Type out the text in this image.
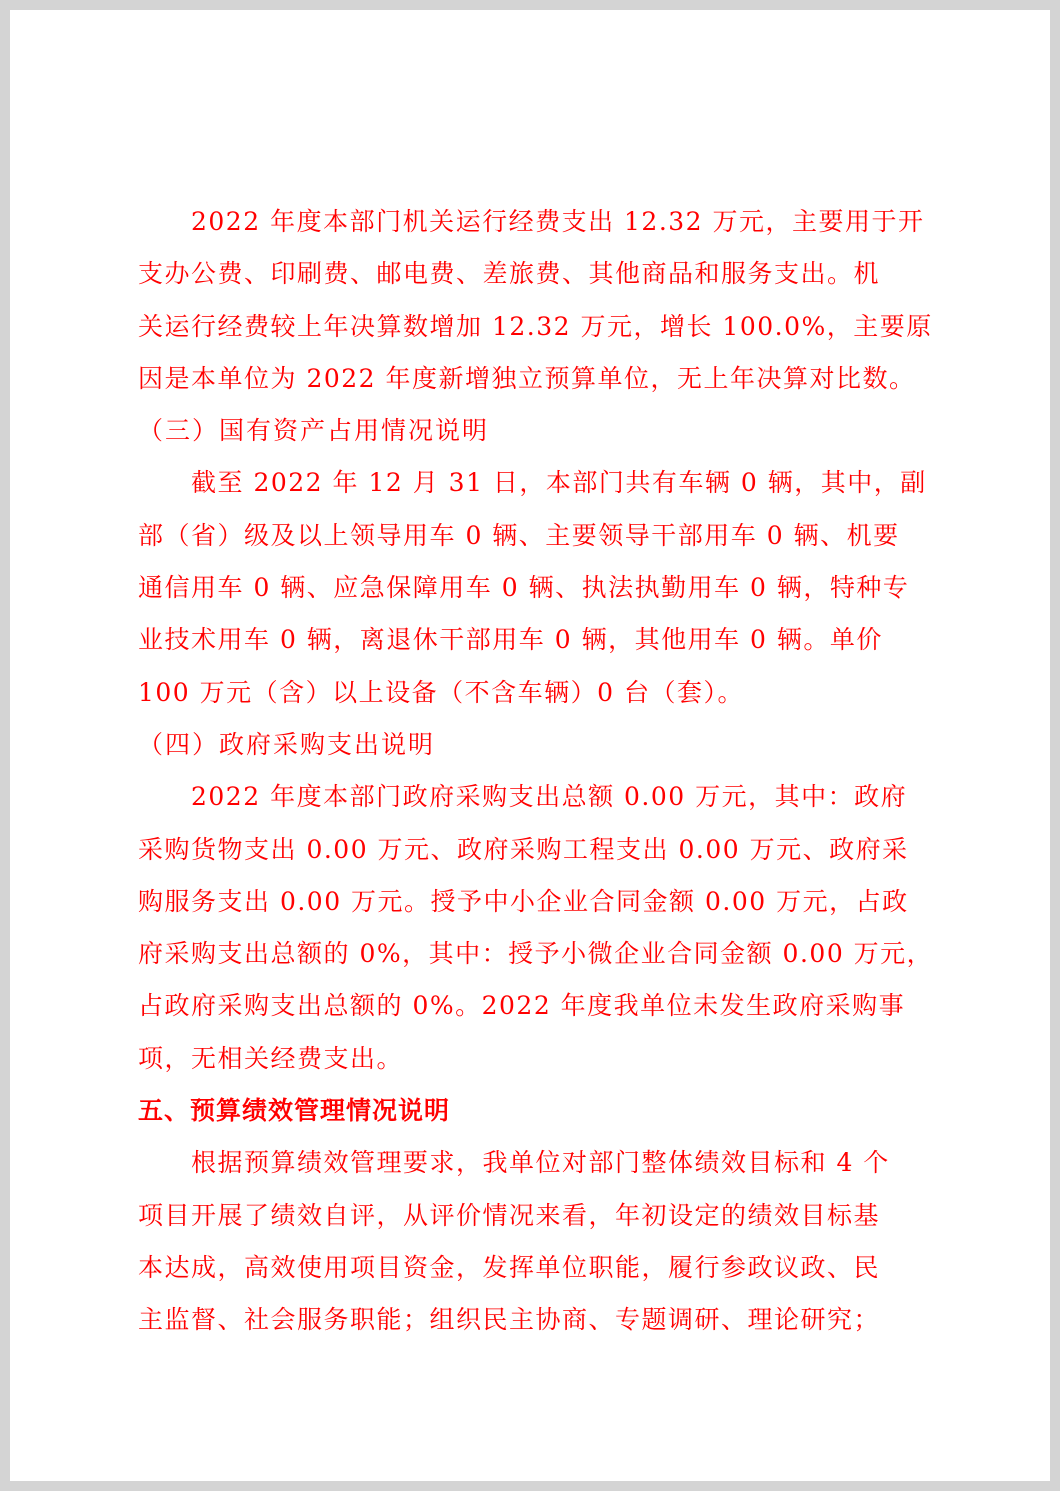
2022 年度本部门机关运行经费支出 12.32 万元，主要用于开
支办公费、印刷费、邮电费、差旅费、其他商品和服务支出。机
关运行经费较上年决算数增加 12.32 万元，增长 100.0%，主要原
因是本单位为 2022 年度新增独立预算单位，无上年决算对比数。
（三）国有资产占用情况说明
截至 2022 年 12 月 31 日，本部门共有车辆 0 辆，其中，副
部（省）级及以上领导用车 0 辆、主要领导干部用车 0 辆、机要
通信用车 0 辆、应急保障用车 0 辆、执法执勤用车 0 辆，特种专
业技术用车 0 辆，离退休干部用车 0 辆，其他用车 0 辆。单价
100 万元（含）以上设备（不含车辆）0 台（套）。
（四）政府采购支出说明
2022 年度本部门政府采购支出总额 0.00 万元，其中：政府
采购货物支出 0.00 万元、政府采购工程支出 0.00 万元、政府采
购服务支出 0.00 万元。授予中小企业合同金额 0.00 万元，占政
府采购支出总额的 0%，其中：授予小微企业合同金额 0.00 万元，
占政府采购支出总额的 0%。2022 年度我单位未发生政府采购事
项，无相关经费支出。
五、预算绩效管理情况说明
根据预算绩效管理要求，我单位对部门整体绩效目标和 4 个
项目开展了绩效自评，从评价情况来看，年初设定的绩效目标基
本达成，高效使用项目资金，发挥单位职能，履行参政议政、民
主监督、社会服务职能；组织民主协商、专题调研、理论研究；
